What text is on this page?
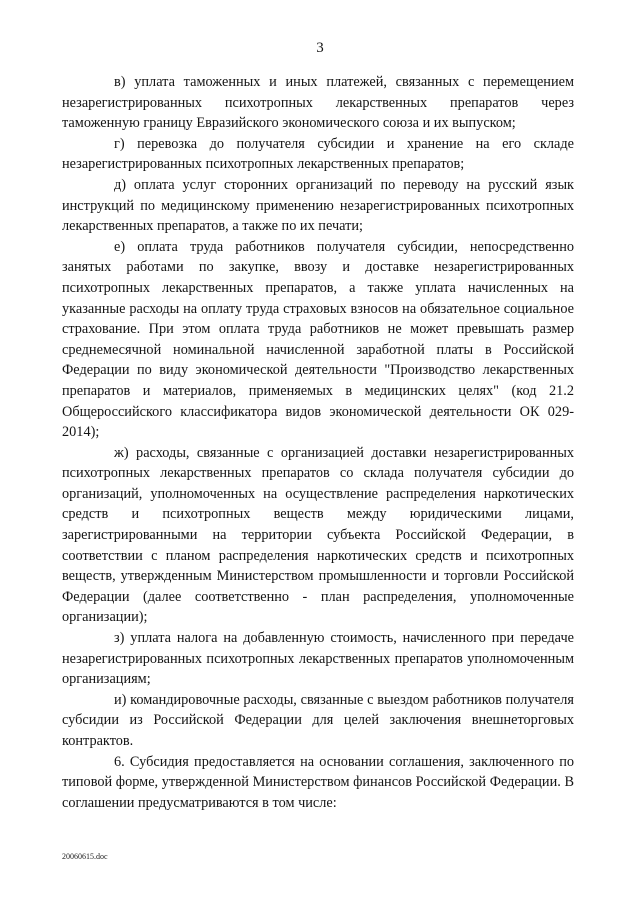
3

в) уплата таможенных и иных платежей, связанных с перемещением незарегистрированных психотропных лекарственных препаратов через таможенную границу Евразийского экономического союза и их выпуском;

г) перевозка до получателя субсидии и хранение на его складе незарегистрированных психотропных лекарственных препаратов;

д) оплата услуг сторонних организаций по переводу на русский язык инструкций по медицинскому применению незарегистрированных психотропных лекарственных препаратов, а также по их печати;

е) оплата труда работников получателя субсидии, непосредственно занятых работами по закупке, ввозу и доставке незарегистрированных психотропных лекарственных препаратов, а также уплата начисленных на указанные расходы на оплату труда страховых взносов на обязательное социальное страхование. При этом оплата труда работников не может превышать размер среднемесячной номинальной начисленной заработной платы в Российской Федерации по виду экономической деятельности "Производство лекарственных препаратов и материалов, применяемых в медицинских целях" (код 21.2 Общероссийского классификатора видов экономической деятельности ОК 029-2014);

ж) расходы, связанные с организацией доставки незарегистрированных психотропных лекарственных препаратов со склада получателя субсидии до организаций, уполномоченных на осуществление распределения наркотических средств и психотропных веществ между юридическими лицами, зарегистрированными на территории субъекта Российской Федерации, в соответствии с планом распределения наркотических средств и психотропных веществ, утвержденным Министерством промышленности и торговли Российской Федерации (далее соответственно - план распределения, уполномоченные организации);

з) уплата налога на добавленную стоимость, начисленного при передаче незарегистрированных психотропных лекарственных препаратов уполномоченным организациям;

и) командировочные расходы, связанные с выездом работников получателя субсидии из Российской Федерации для целей заключения внешнеторговых контрактов.

6. Субсидия предоставляется на основании соглашения, заключенного по типовой форме, утвержденной Министерством финансов Российской Федерации. В соглашении предусматриваются в том числе:

20060615.doc
